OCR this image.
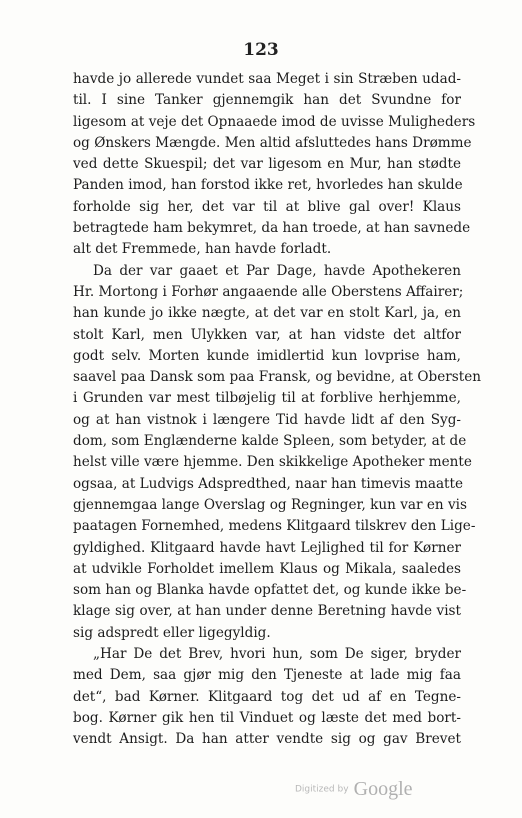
123
havde jo allerede vundet saa Meget i sin Stræben udad-
til. I sine Tanker gjennemgik han det Svundne for
ligesom at veje det Opnaaede imod de uvisse Muligheders
og Ønskers Mængde. Men altid afsluttedes hans Drømme
ved dette Skuespil; det var ligesom en Mur, han stødte
Panden imod, han forstod ikke ret, hvorledes han skulde
forholde sig her, det var til at blive gal over! Klaus
betragtede ham bekymret, da han troede, at han savnede
alt det Fremmede, han havde forladt.
Da der var gaaet et Par Dage, havde Apothekeren
Hr. Mortong i Forhør angaaende alle Oberstens Affairer;
han kunde jo ikke nægte, at det var en stolt Karl, ja, en
stolt Karl, men Ulykken var, at han vidste det altfor
godt selv. Morten kunde imidlertid kun lovprise ham,
saavel paa Dansk som paa Fransk, og bevidne, at Obersten
i Grunden var mest tilbøjelig til at forblive herhjemme,
og at han vistnok i længere Tid havde lidt af den Syg-
dom, som Englænderne kalde Spleen, som betyder, at de
helst ville være hjemme. Den skikkelige Apotheker mente
ogsaa, at Ludvigs Adspredthed, naar han timevis maatte
gjennemgaa lange Overslag og Regninger, kun var en vis
paatagen Fornemhed, medens Klitgaard tilskrev den Lige-
gyldighed. Klitgaard havde havt Lejlighed til for Kørner
at udvikle Forholdet imellem Klaus og Mikala, saaledes
som han og Blanka havde opfattet det, og kunde ikke be-
klage sig over, at han under denne Beretning havde vist
sig adspredt eller ligegyldig.
„Har De det Brev, hvori hun, som De siger, bryder
med Dem, saa gjør mig den Tjeneste at lade mig faa
det“, bad Kørner. Klitgaard tog det ud af en Tegne-
bog. Kørner gik hen til Vinduet og læste det med bort-
vendt Ansigt. Da han atter vendte sig og gav Brevet
Digitized by Google
